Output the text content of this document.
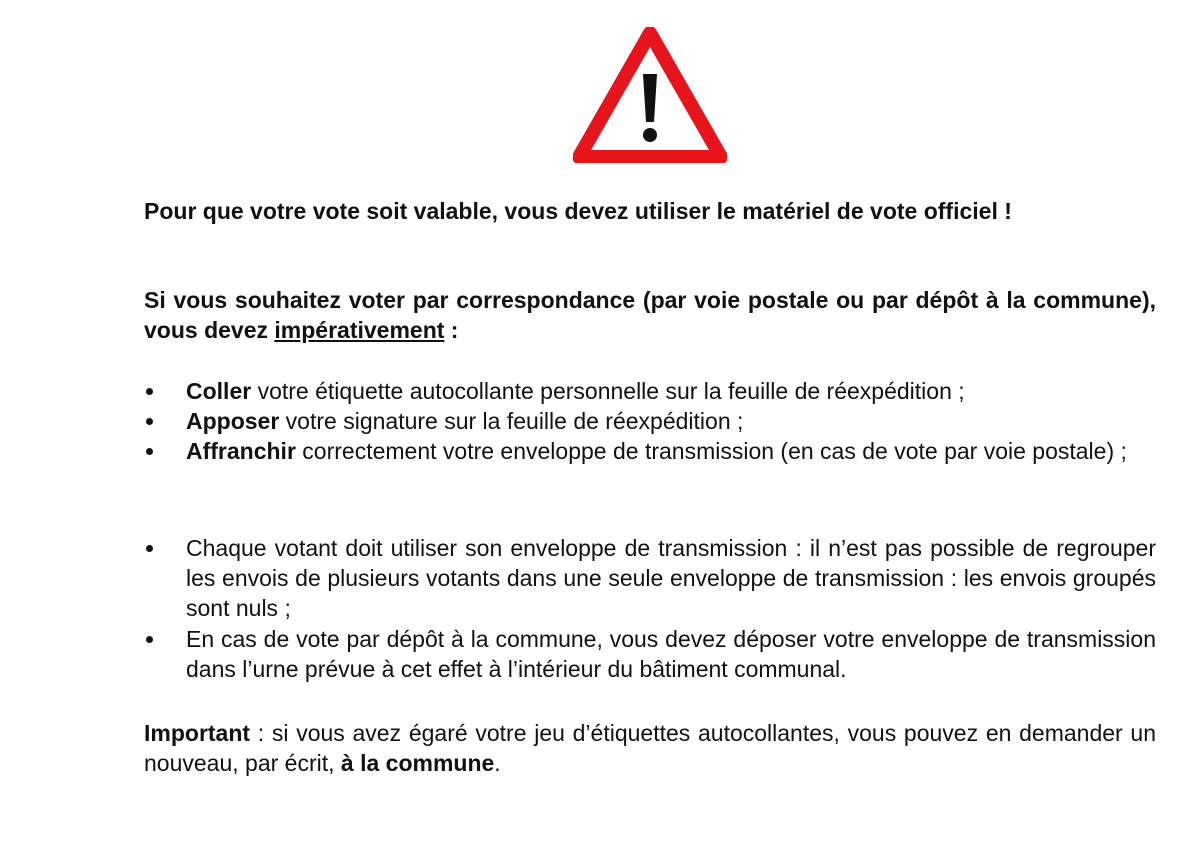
Pour que votre vote soit valable, vous devez utiliser le matériel de vote officiel !
Si vous souhaitez voter par correspondance (par voie postale ou par dépôt à la commune), vous devez impérativement :
Coller votre étiquette autocollante personnelle sur la feuille de réexpédition ;
Apposer votre signature sur la feuille de réexpédition ;
Affranchir correctement votre enveloppe de transmission (en cas de vote par voie postale) ;
Chaque votant doit utiliser son enveloppe de transmission : il n’est pas possible de regrouper les envois de plusieurs votants dans une seule enveloppe de transmission : les envois groupés sont nuls ;
En cas de vote par dépôt à la commune, vous devez déposer votre enveloppe de transmission dans l’urne prévue à cet effet à l’intérieur du bâtiment communal.
Important : si vous avez égaré votre jeu d’étiquettes autocollantes, vous pouvez en demander un nouveau, par écrit, à la commune.
